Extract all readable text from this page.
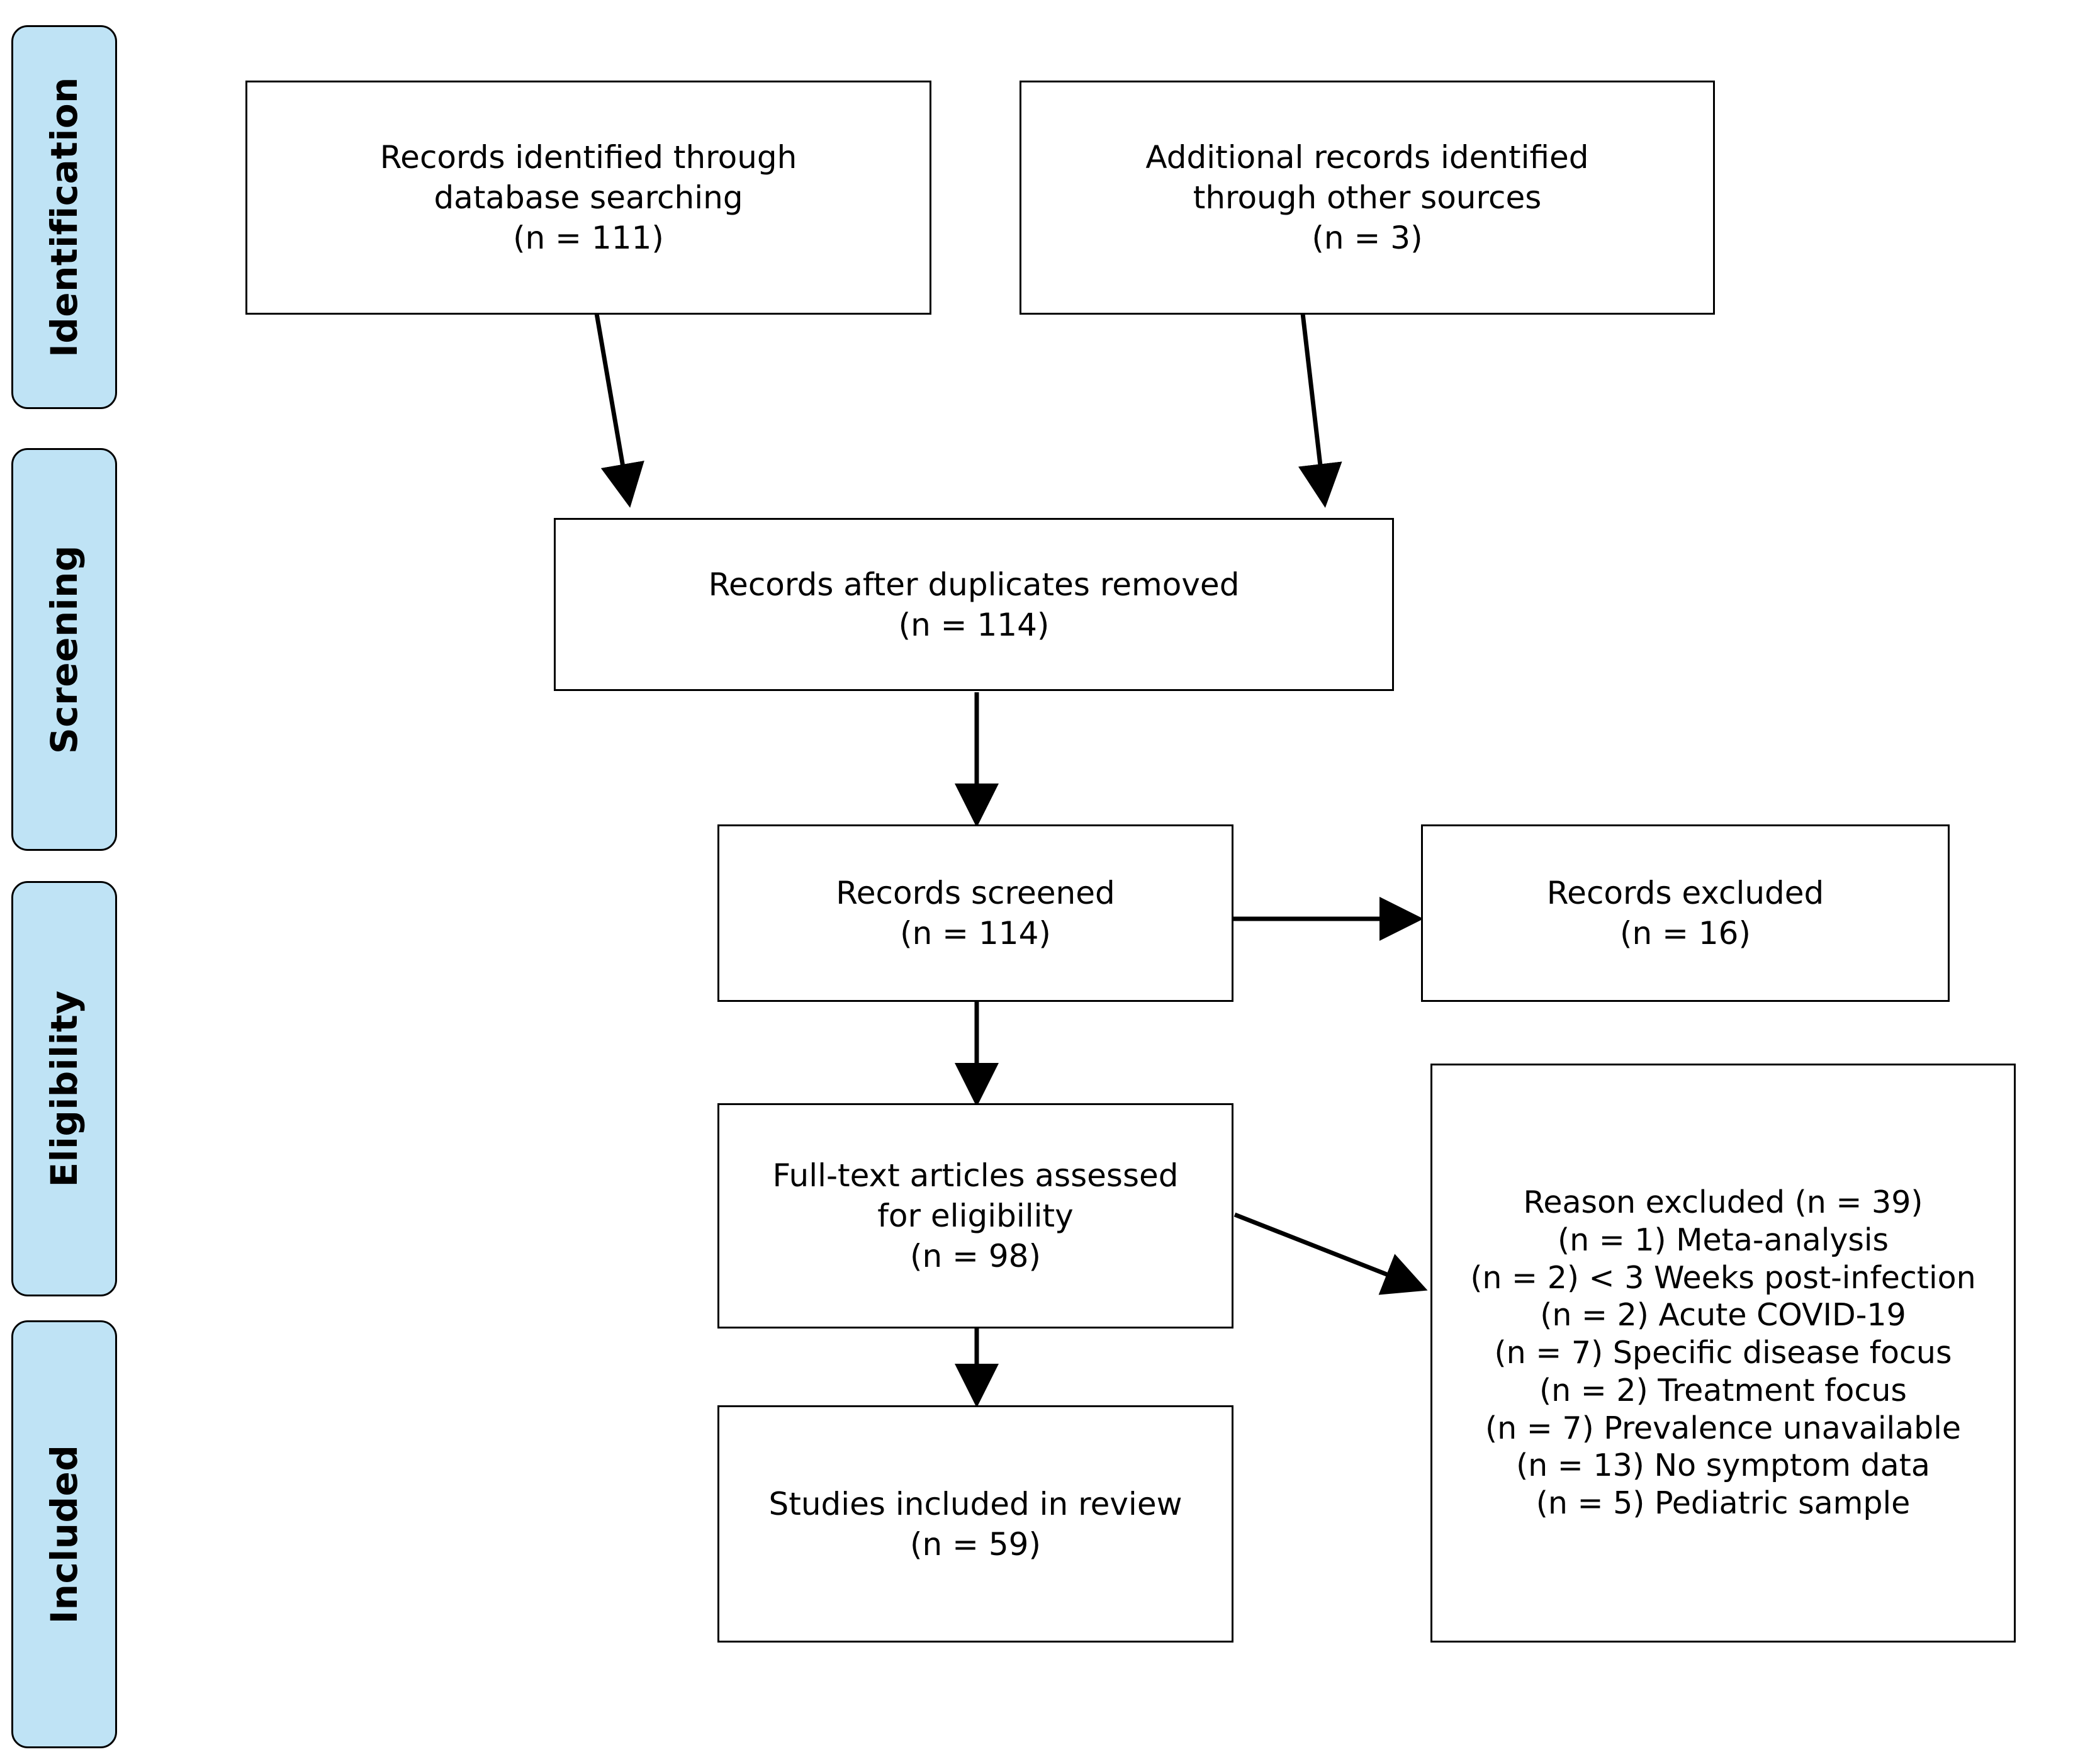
Identification
Screening
Eligibility
Included
Records identified through
database searching
(n = 111)
Additional records identified
through other sources
(n = 3)
Records after duplicates removed
(n = 114)
Records screened
(n = 114)
Records excluded
(n = 16)
Full-text articles assessed
for eligibility
(n = 98)
Reason excluded (n = 39)
(n = 1) Meta-analysis
(n = 2) < 3 Weeks post-infection
(n = 2) Acute COVID-19
(n = 7) Specific disease focus
(n = 2) Treatment focus
(n = 7) Prevalence unavailable
(n = 13) No symptom data
(n = 5) Pediatric sample
Studies included in review
(n = 59)
